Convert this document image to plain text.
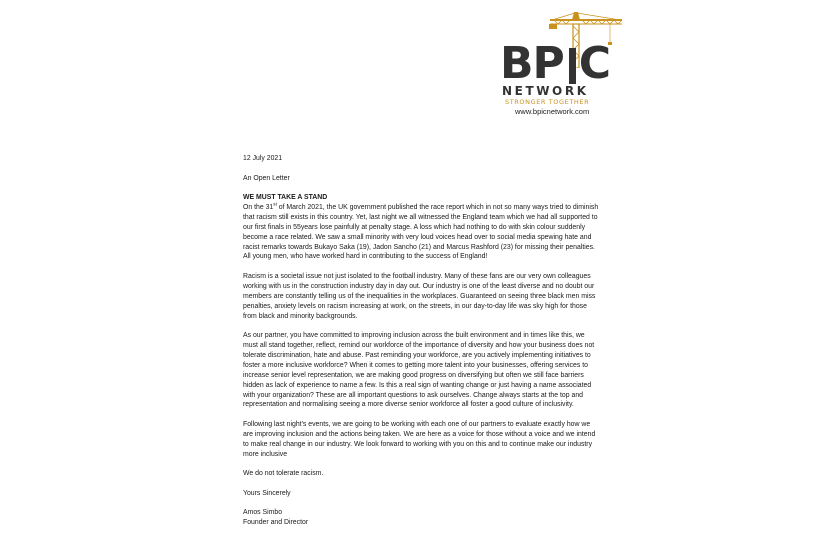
B P C
NETWORK
STRONGER TOGETHER
www.bpicnetwork.com

12 July 2021

An Open Letter

WE MUST TAKE A STAND

On the 31st of March 2021, the UK government published the race report which in not so many ways tried to diminish that racism still exists in this country. Yet, last night we all witnessed the England team which we had all supported to our first finals in 55years lose painfully at penalty stage. A loss which had nothing to do with skin colour suddenly become a race related. We saw a small minority with very loud voices head over to social media spewing hate and racist remarks towards Bukayo Saka (19), Jadon Sancho (21) and Marcus Rashford (23) for missing their penalties. All young men, who have worked hard in contributing to the success of England!

Racism is a societal issue not just isolated to the football industry. Many of these fans are our very own colleagues working with us in the construction industry day in day out. Our industry is one of the least diverse and no doubt our members are constantly telling us of the inequalities in the workplaces. Guaranteed on seeing three black men miss penalties, anxiety levels on racism increasing at work, on the streets, in our day-to-day life was sky high for those from black and minority backgrounds.

As our partner, you have committed to improving inclusion across the built environment and in times like this, we must all stand together, reflect, remind our workforce of the importance of diversity and how your business does not tolerate discrimination, hate and abuse. Past reminding your workforce, are you actively implementing initiatives to foster a more inclusive workforce? When it comes to getting more talent into your businesses, offering services to increase senior level representation, we are making good progress on diversifying but often we still face barriers hidden as lack of experience to name a few. Is this a real sign of wanting change or just having a name associated with your organization? These are all important questions to ask ourselves. Change always starts at the top and representation and normalising seeing a more diverse senior workforce all foster a good culture of inclusivity.

Following last night's events, we are going to be working with each one of our partners to evaluate exactly how we are improving inclusion and the actions being taken. We are here as a voice for those without a voice and we intend to make real change in our industry. We look forward to working with you on this and to continue make our industry more inclusive

We do not tolerate racism.

Yours Sincerely

Amos Simbo

Founder and Director
